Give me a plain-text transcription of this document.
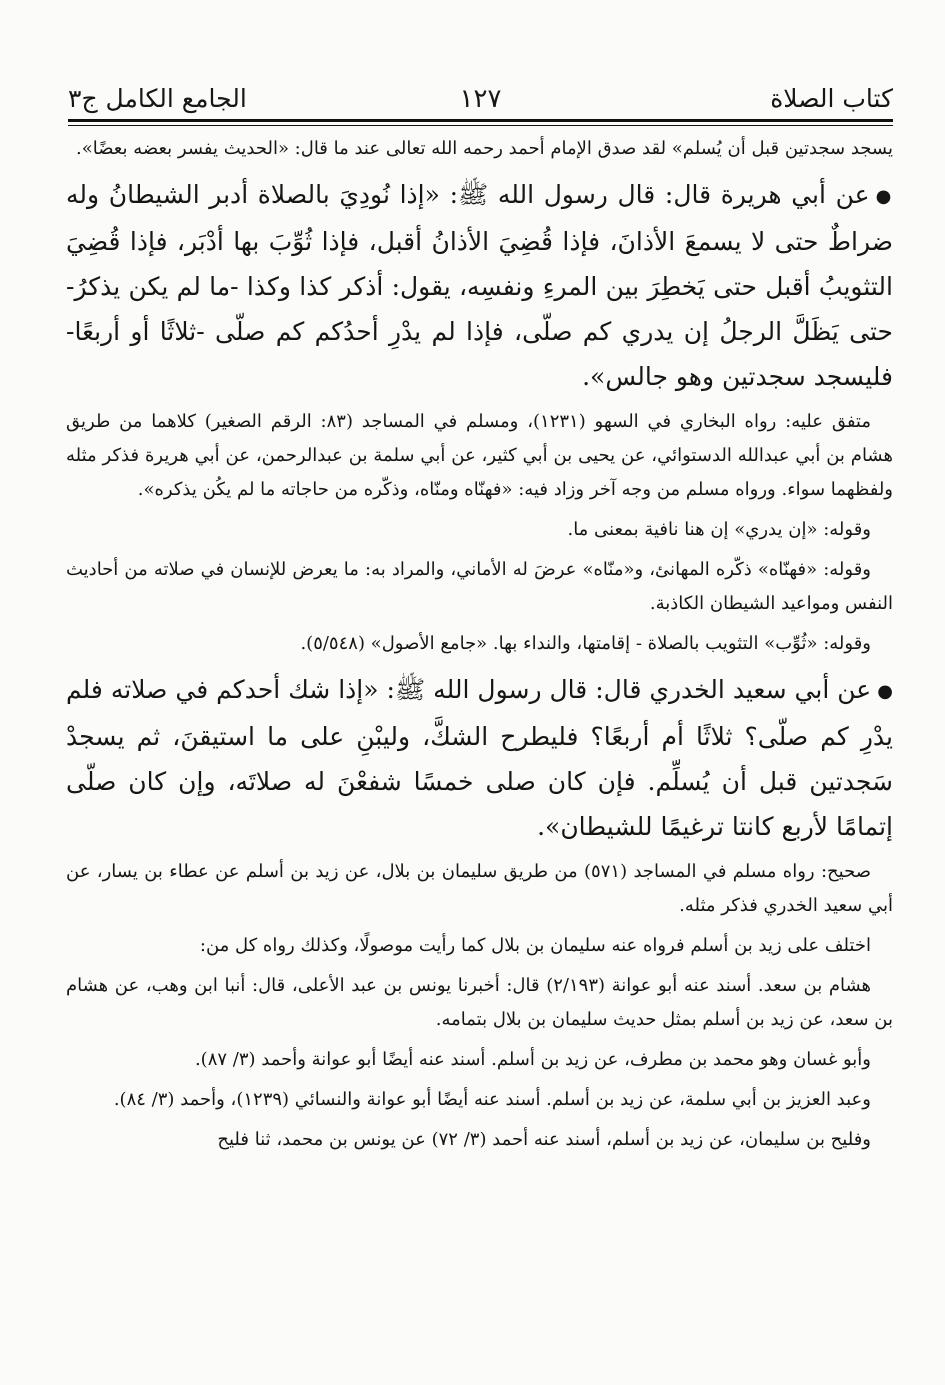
كتاب الصلاة
١٢٧
الجامع الكامل ج٣

يسجد سجدتين قبل أن يُسلم» لقد صدق الإمام أحمد رحمه الله تعالى عند ما قال: «الحديث يفسر بعضه بعضًا».

●عن أبي هريرة قال: قال رسول الله ﷺ: «إذا نُودِيَ بالصلاة أدبر الشيطانُ وله ضراطٌ حتى لا يسمعَ الأذانَ، فإذا قُضِيَ الأذانُ أقبل، فإذا ثُوِّبَ بها أدْبَر، فإذا قُضِيَ التثويبُ أقبل حتى يَخطِرَ بين المرءِ ونفسِه، يقول: أذكر كذا وكذا -ما لم يكن يذكرُ- حتى يَظَلَّ الرجلُ إن يدري كم صلّى، فإذا لم يدْرِ أحدُكم كم صلّى -ثلاثًا أو أربعًا- فليسجد سجدتين وهو جالس».

متفق عليه: رواه البخاري في السهو (١٢٣١)، ومسلم في المساجد (٨٣: الرقم الصغير) كلاهما من طريق هشام بن أبي عبدالله الدستوائي، عن يحيى بن أبي كثير، عن أبي سلمة بن عبدالرحمن، عن أبي هريرة فذكر مثله ولفظهما سواء. ورواه مسلم من وجه آخر وزاد فيه: «فهنّاه ومنّاه، وذكّره من حاجاته ما لم يكُن يذكره».

وقوله: «إن يدري» إن هنا نافية بمعنى ما.

وقوله: «فهنّاه» ذكّره المهانئ، و«منّاه» عرضَ له الأماني، والمراد به: ما يعرض للإنسان في صلاته من أحاديث النفس ومواعيد الشيطان الكاذبة.

وقوله: «ثُوِّب» التثويب بالصلاة - إقامتها، والنداء بها. «جامع الأصول» (٥/٥٤٨).

●عن أبي سعيد الخدري قال: قال رسول الله ﷺ: «إذا شك أحدكم في صلاته فلم يدْرِ كم صلّى؟ ثلاثًا أم أربعًا؟ فليطرح الشكَّ، وليبْنِ على ما استيقنَ، ثم يسجدْ سَجدتين قبل أن يُسلِّم. فإن كان صلى خمسًا شفعْنَ له صلاتَه، وإن كان صلّى إتمامًا لأربع كانتا ترغيمًا للشيطان».

صحيح: رواه مسلم في المساجد (٥٧١) من طريق سليمان بن بلال، عن زيد بن أسلم عن عطاء بن يسار، عن أبي سعيد الخدري فذكر مثله.

اختلف على زيد بن أسلم فرواه عنه سليمان بن بلال كما رأيت موصولًا، وكذلك رواه كل من:

هشام بن سعد. أسند عنه أبو عوانة (٢/١٩٣) قال: أخبرنا يونس بن عبد الأعلى، قال: أنبا ابن وهب، عن هشام بن سعد، عن زيد بن أسلم بمثل حديث سليمان بن بلال بتمامه.

وأبو غسان وهو محمد بن مطرف، عن زيد بن أسلم. أسند عنه أيضًا أبو عوانة وأحمد (٣/ ٨٧).

وعبد العزيز بن أبي سلمة، عن زيد بن أسلم. أسند عنه أيضًا أبو عوانة والنسائي (١٢٣٩)، وأحمد (٣/ ٨٤).

وفليح بن سليمان، عن زيد بن أسلم، أسند عنه أحمد (٣/ ٧٢) عن يونس بن محمد، ثنا فليح
